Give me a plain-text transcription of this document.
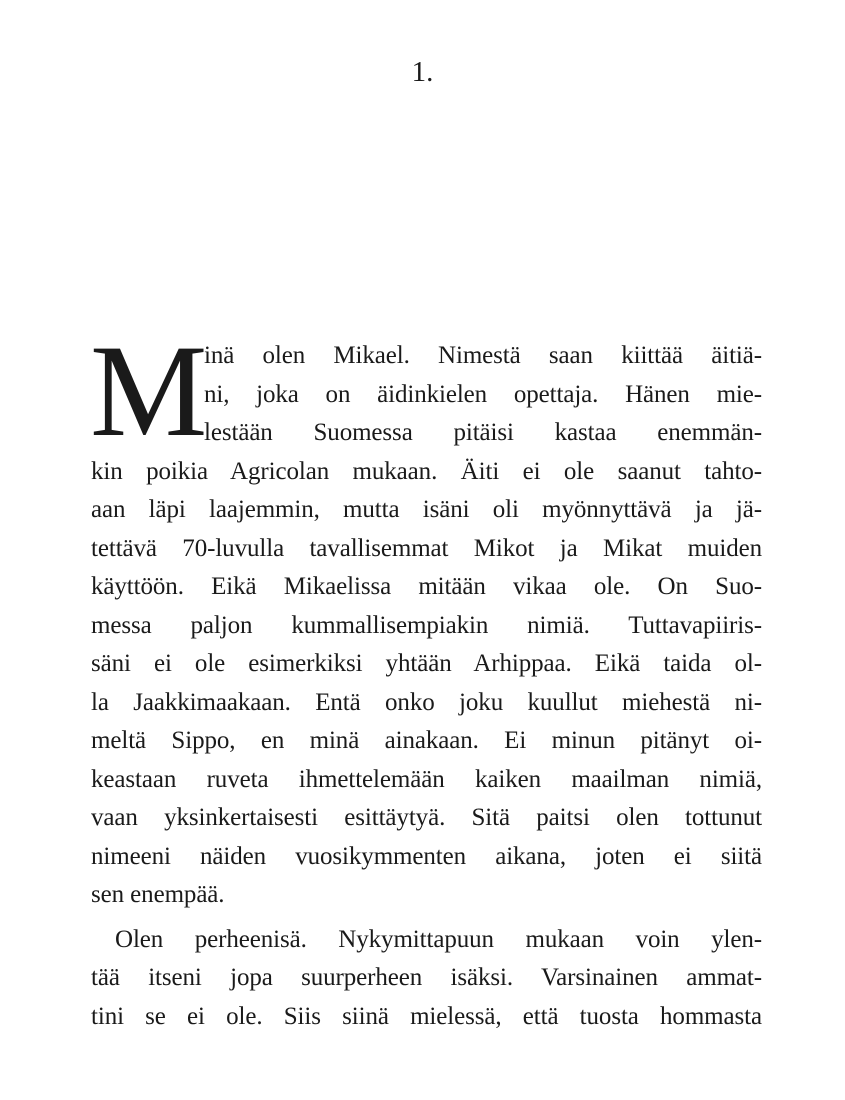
1.
M
inä olen Mikael. Nimestä saan kiittää äitiä-
ni, joka on äidinkielen opettaja. Hänen mie-
lestään Suomessa pitäisi kastaa enemmän-
kin poikia Agricolan mukaan. Äiti ei ole saanut tahto-
aan läpi laajemmin, mutta isäni oli myönnyttävä ja jä-
tettävä 70-luvulla tavallisemmat Mikot ja Mikat muiden
käyttöön. Eikä Mikaelissa mitään vikaa ole. On Suo-
messa paljon kummallisempiakin nimiä. Tuttavapiiris-
säni ei ole esimerkiksi yhtään Arhippaa. Eikä taida ol-
la Jaakkimaakaan. Entä onko joku kuullut miehestä ni-
meltä Sippo, en minä ainakaan. Ei minun pitänyt oi-
keastaan ruveta ihmettelemään kaiken maailman nimiä,
vaan yksinkertaisesti esittäytyä. Sitä paitsi olen tottunut
nimeeni näiden vuosikymmenten aikana, joten ei siitä
sen enempää.
Olen perheenisä. Nykymittapuun mukaan voin ylen-
tää itseni jopa suurperheen isäksi. Varsinainen ammat-
tini se ei ole. Siis siinä mielessä, että tuosta hommasta
